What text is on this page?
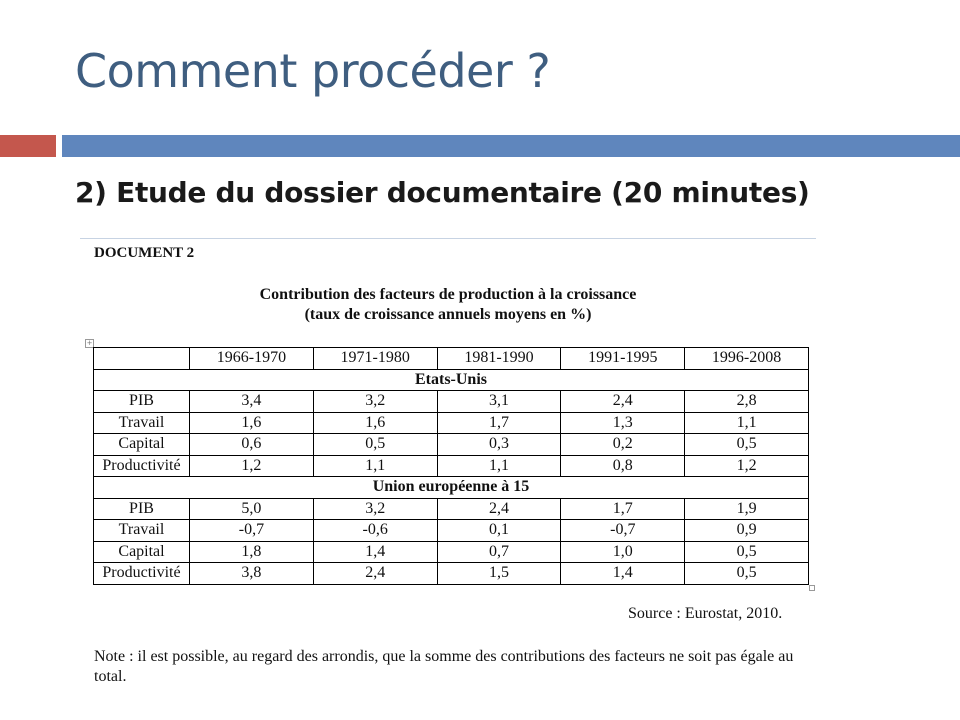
Comment procéder ?
2) Etude du dossier documentaire (20 minutes)
DOCUMENT 2
Contribution des facteurs de production à la croissance
(taux de croissance annuels moyens en %)
+
	1966-1970	1971-1980	1981-1990	1991-1995	1996-2008
Etats-Unis					
PIB	3,4	3,2	3,1	2,4	2,8
Travail	1,6	1,6	1,7	1,3	1,1
Capital	0,6	0,5	0,3	0,2	0,5
Productivité	1,2	1,1	1,1	0,8	1,2
Union européenne à 15					
PIB	5,0	3,2	2,4	1,7	1,9
Travail	-0,7	-0,6	0,1	-0,7	0,9
Capital	1,8	1,4	0,7	1,0	0,5
Productivité	3,8	2,4	1,5	1,4	0,5
Source : Eurostat, 2010.
Note : il est possible, au regard des arrondis, que la somme des contributions des facteurs ne soit pas égale au total.
